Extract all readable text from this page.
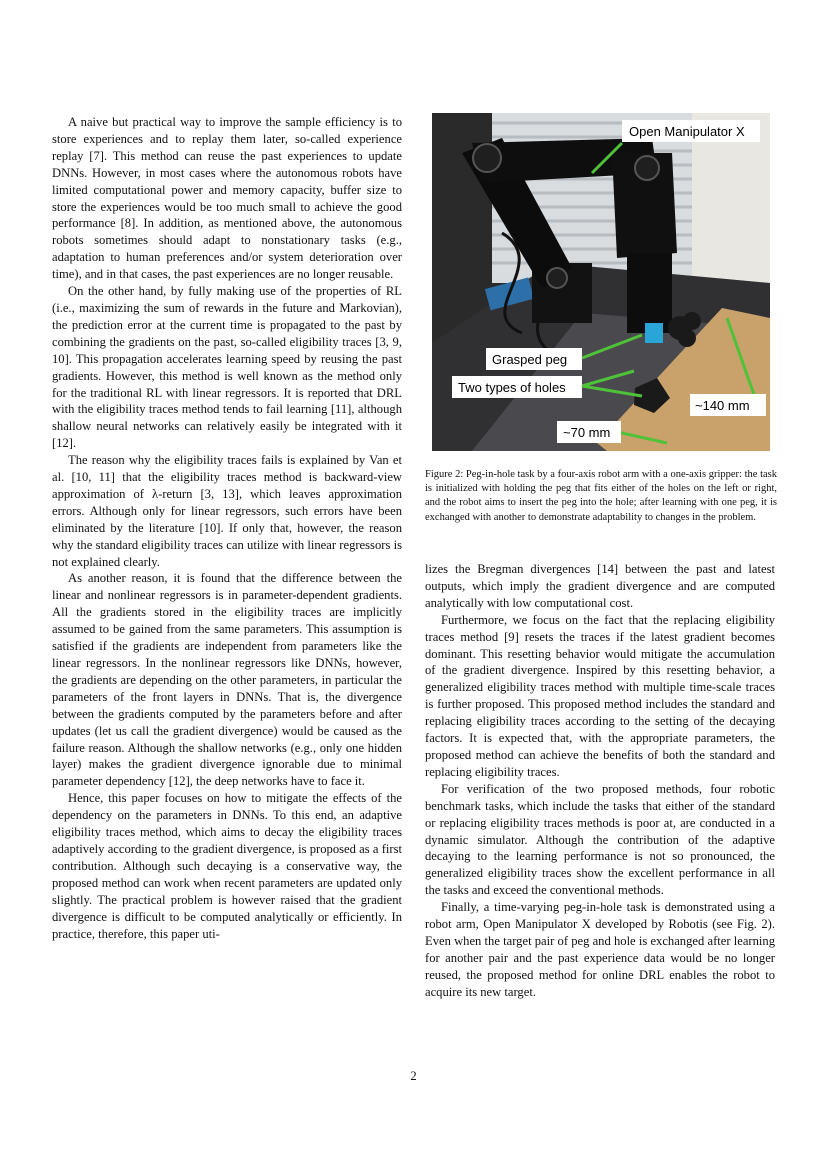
A naive but practical way to improve the sample efficiency is to store experiences and to replay them later, so-called experience replay [7]. This method can reuse the past experiences to update DNNs. However, in most cases where the autonomous robots have limited computational power and memory capacity, buffer size to store the experiences would be too much small to achieve the good performance [8]. In addition, as mentioned above, the autonomous robots sometimes should adapt to nonstationary tasks (e.g., adaptation to human preferences and/or system deterioration over time), and in that cases, the past experiences are no longer reusable.

On the other hand, by fully making use of the properties of RL (i.e., maximizing the sum of rewards in the future and Markovian), the prediction error at the current time is propagated to the past by combining the gradients on the past, so-called eligibility traces [3, 9, 10]. This propagation accelerates learning speed by reusing the past gradients. However, this method is well known as the method only for the traditional RL with linear regressors. It is reported that DRL with the eligibility traces method tends to fail learning [11], although shallow neural networks can relatively easily be integrated with it [12].

The reason why the eligibility traces fails is explained by Van et al. [10, 11] that the eligibility traces method is backward-view approximation of λ-return [3, 13], which leaves approximation errors. Although only for linear regressors, such errors have been eliminated by the literature [10]. If only that, however, the reason why the standard eligibility traces can utilize with linear regressors is not explained clearly.

As another reason, it is found that the difference between the linear and nonlinear regressors is in parameter-dependent gradients. All the gradients stored in the eligibility traces are implicitly assumed to be gained from the same parameters. This assumption is satisfied if the gradients are independent from parameters like the linear regressors. In the nonlinear regressors like DNNs, however, the gradients are depending on the other parameters, in particular the parameters of the front layers in DNNs. That is, the divergence between the gradients computed by the parameters before and after updates (let us call the gradient divergence) would be caused as the failure reason. Although the shallow networks (e.g., only one hidden layer) makes the gradient divergence ignorable due to minimal parameter dependency [12], the deep networks have to face it.

Hence, this paper focuses on how to mitigate the effects of the dependency on the parameters in DNNs. To this end, an adaptive eligibility traces method, which aims to decay the eligibility traces adaptively according to the gradient divergence, is proposed as a first contribution. Although such decaying is a conservative way, the proposed method can work when recent parameters are updated only slightly. The practical problem is however raised that the gradient divergence is difficult to be computed analytically or efficiently. In practice, therefore, this paper uti-

Open Manipulator X
Grasped peg
Two types of holes
~140 mm
~70 mm
Figure 2: Peg-in-hole task by a four-axis robot arm with a one-axis gripper: the task is initialized with holding the peg that fits either of the holes on the left or right, and the robot aims to insert the peg into the hole; after learning with one peg, it is exchanged with another to demonstrate adaptability to changes in the problem.

lizes the Bregman divergences [14] between the past and latest outputs, which imply the gradient divergence and are computed analytically with low computational cost.

Furthermore, we focus on the fact that the replacing eligibility traces method [9] resets the traces if the latest gradient becomes dominant. This resetting behavior would mitigate the accumulation of the gradient divergence. Inspired by this resetting behavior, a generalized eligibility traces method with multiple time-scale traces is further proposed. This proposed method includes the standard and replacing eligibility traces according to the setting of the decaying factors. It is expected that, with the appropriate parameters, the proposed method can achieve the benefits of both the standard and replacing eligibility traces.

For verification of the two proposed methods, four robotic benchmark tasks, which include the tasks that either of the standard or replacing eligibility traces methods is poor at, are conducted in a dynamic simulator. Although the contribution of the adaptive decaying to the learning performance is not so pronounced, the generalized eligibility traces show the excellent performance in all the tasks and exceed the conventional methods.

Finally, a time-varying peg-in-hole task is demonstrated using a robot arm, Open Manipulator X developed by Robotis (see Fig. 2). Even when the target pair of peg and hole is exchanged after learning for another pair and the past experience data would be no longer reused, the proposed method for online DRL enables the robot to acquire its new target.

2
